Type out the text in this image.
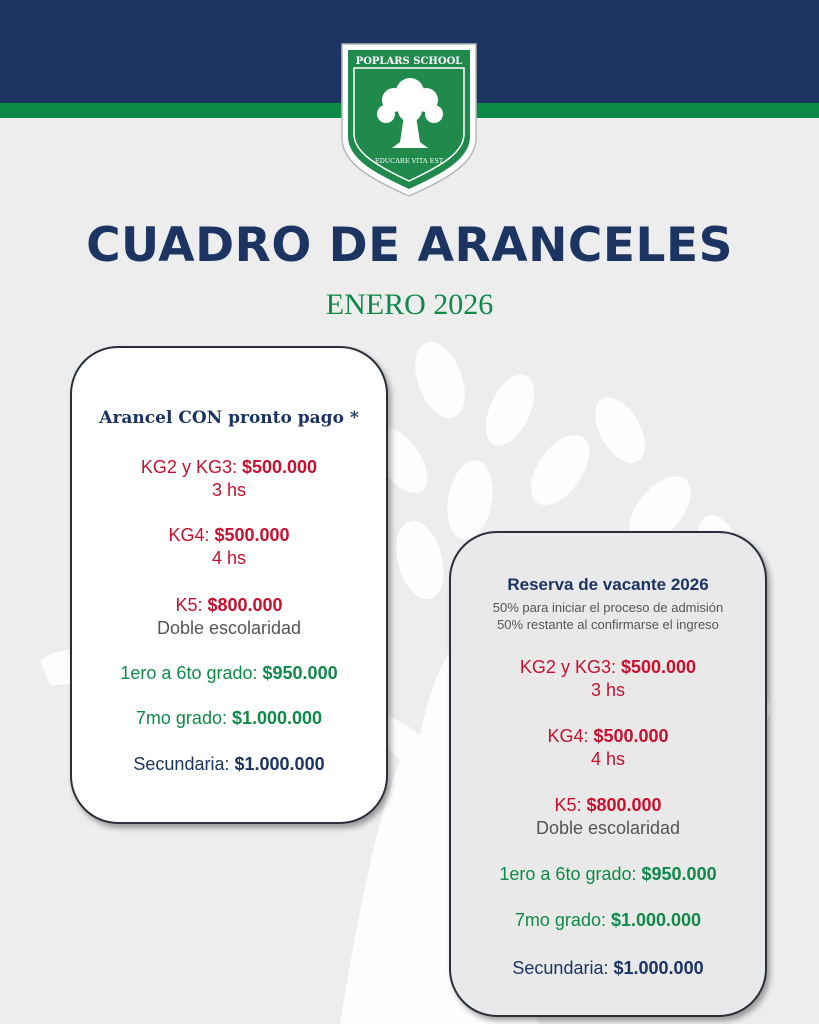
POPLARS SCHOOL
EDUCARE VITA EST
CUADRO DE ARANCELES
ENERO 2026
Arancel CON pronto pago *
KG2 y KG3: $500.000
3 hs
KG4: $500.000
4 hs
K5: $800.000
Doble escolaridad
1ero a 6to grado: $950.000
7mo grado: $1.000.000
Secundaria: $1.000.000
Reserva de vacante 2026
50% para iniciar el proceso de admisión
50% restante al confirmarse el ingreso
KG2 y KG3: $500.000
3 hs
KG4: $500.000
4 hs
K5: $800.000
Doble escolaridad
1ero a 6to grado: $950.000
7mo grado: $1.000.000
Secundaria: $1.000.000
